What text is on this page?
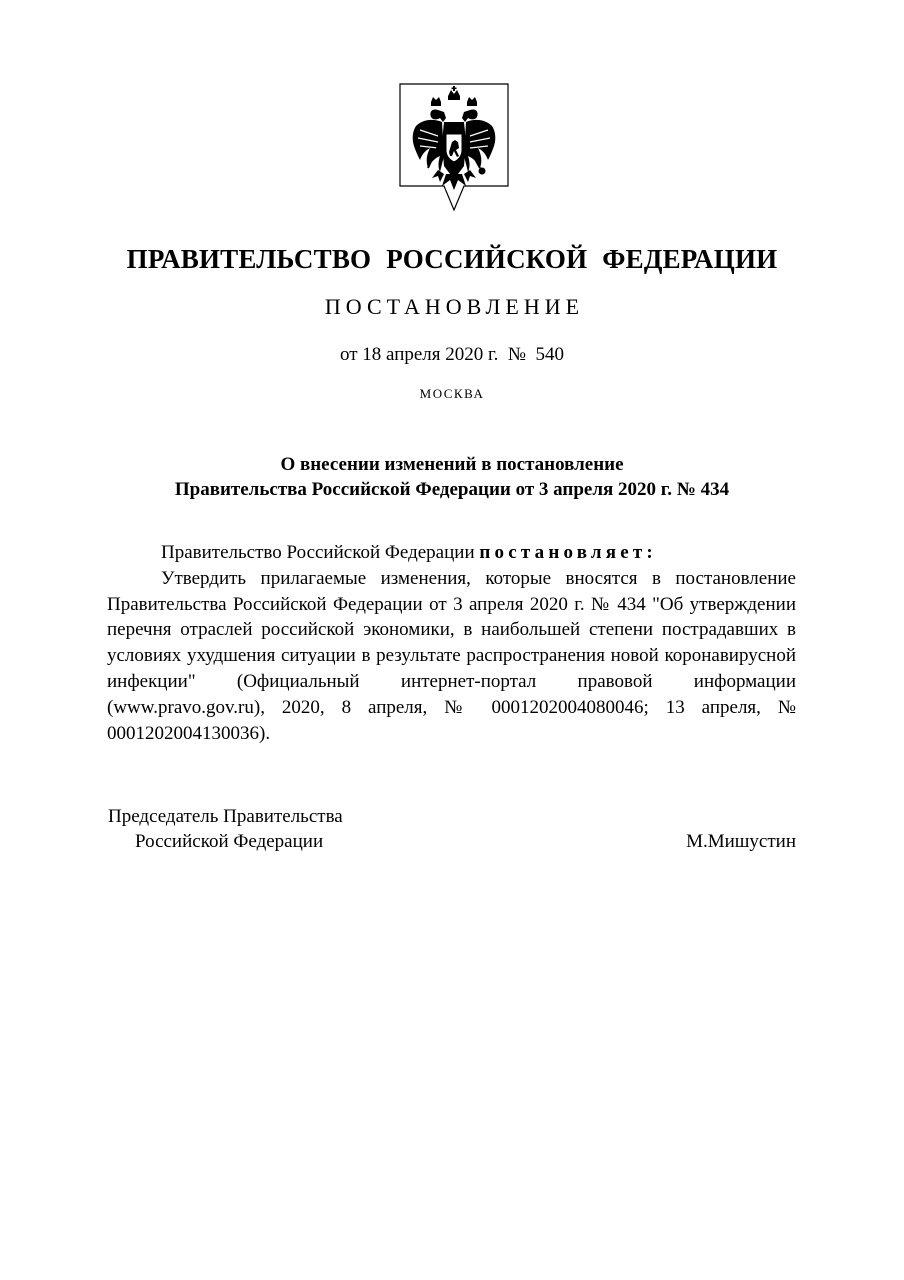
ПРАВИТЕЛЬСТВО РОССИЙСКОЙ ФЕДЕРАЦИИ
ПОСТАНОВЛЕНИЕ
от 18 апреля 2020 г.  №  540
МОСКВА
О внесении изменений в постановление
Правительства Российской Федерации от 3 апреля 2020 г. № 434

Правительство Российской Федерации постановляет:

Утвердить прилагаемые изменения, которые вносятся в постановление Правительства Российской Федерации от 3 апреля 2020 г. № 434 "Об утверждении перечня отраслей российской экономики, в наибольшей степени пострадавших в условиях ухудшения ситуации в результате распространения новой коронавирусной инфекции" (Официальный интернет-портал правовой информации (www.pravo.gov.ru), 2020, 8 апреля, № 0001202004080046; 13 апреля, № 0001202004130036).

Председатель Правительства
Российской Федерации	М.Мишустин
